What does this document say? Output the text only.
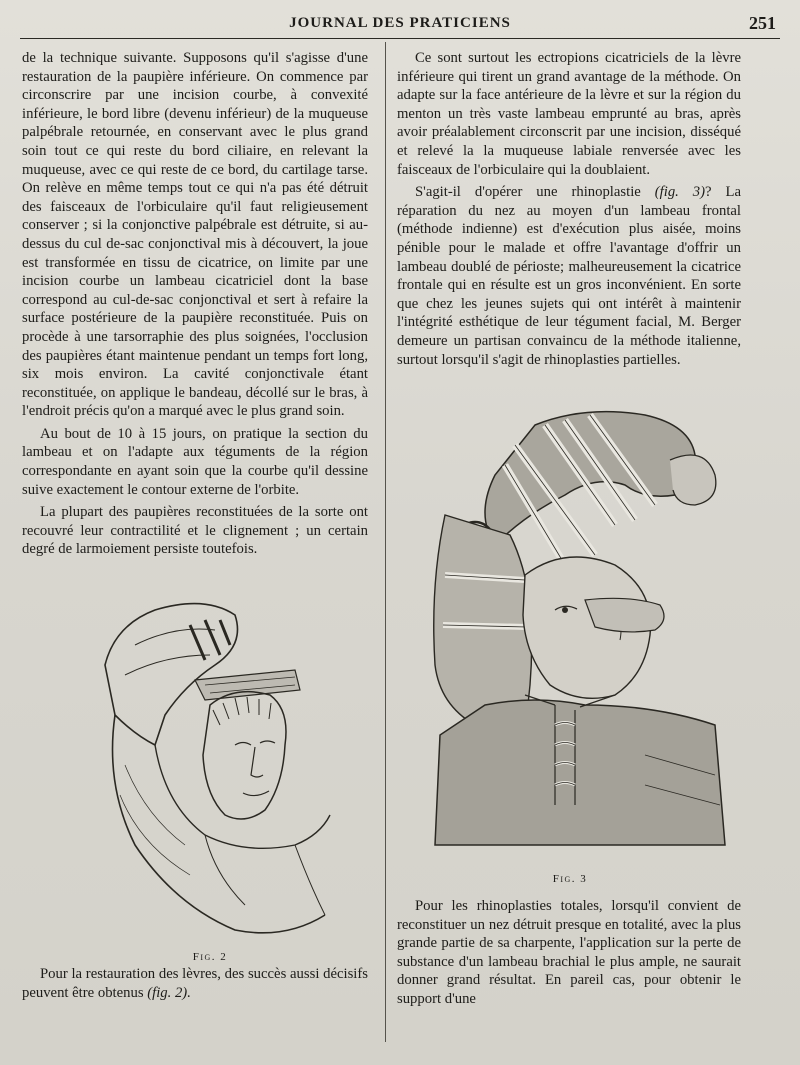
JOURNAL DES PRATICIENS	251

de la technique suivante. Supposons qu'il s'agisse d'une restauration de la paupière inférieure. On commence par circonscrire par une incision courbe, à convexité inférieure, le bord libre (devenu inférieur) de la muqueuse palpébrale retournée, en conservant avec le plus grand soin tout ce qui reste du bord ciliaire, en relevant la muqueuse, avec ce qui reste de ce bord, du cartilage tarse. On relève en même temps tout ce qui n'a pas été détruit des faisceaux de l'orbiculaire qu'il faut religieusement conserver ; si la conjonctive palpébrale est détruite, si au-dessus du cul de-sac conjonctival mis à découvert, la joue est transformée en tissu de cicatrice, on limite par une incision courbe un lambeau cicatriciel dont la base correspond au cul-de-sac conjonctival et sert à refaire la surface postérieure de la paupière reconstituée. Puis on procède à une tarsorraphie des plus soignées, l'occlusion des paupières étant maintenue pendant un temps fort long, six mois environ. La cavité conjonctivale étant reconstituée, on applique le bandeau, décollé sur le bras, à l'endroit précis qu'on a marqué avec le plus grand soin.

Au bout de 10 à 15 jours, on pratique la section du lambeau et on l'adapte aux téguments de la région correspondante en ayant soin que la courbe qu'il dessine suive exactement le contour externe de l'orbite.

La plupart des paupières reconstituées de la sorte ont recouvré leur contractilité et le clignement ; un certain degré de larmoiement persiste toutefois.

Fig. 2

Pour la restauration des lèvres, des succès aussi décisifs peuvent être obtenus (fig. 2).

Ce sont surtout les ectropions cicatriciels de la lèvre inférieure qui tirent un grand avantage de la méthode. On adapte sur la face antérieure de la lèvre et sur la région du menton un très vaste lambeau emprunté au bras, après avoir préalablement circonscrit par une incision, disséqué et relevé la la muqueuse labiale renversée avec les faisceaux de l'orbiculaire qui la doublaient.

S'agit-il d'opérer une rhinoplastie (fig. 3)? La réparation du nez au moyen d'un lambeau frontal (méthode indienne) est d'exécution plus aisée, moins pénible pour le malade et offre l'avantage d'offrir un lambeau doublé de périoste; malheureusement la cicatrice frontale qui en résulte est un gros inconvénient. En sorte que chez les jeunes sujets qui ont intérêt à maintenir l'intégrité esthétique de leur tégument facial, M. Berger demeure un partisan convaincu de la méthode italienne, surtout lorsqu'il s'agit de rhinoplasties partielles.

Fig. 3

Pour les rhinoplasties totales, lorsqu'il convient de reconstituer un nez détruit presque en totalité, avec la plus grande partie de sa charpente, l'application sur la perte de substance d'un lambeau brachial le plus ample, ne saurait donner grand résultat. En pareil cas, pour obtenir le support d'une
